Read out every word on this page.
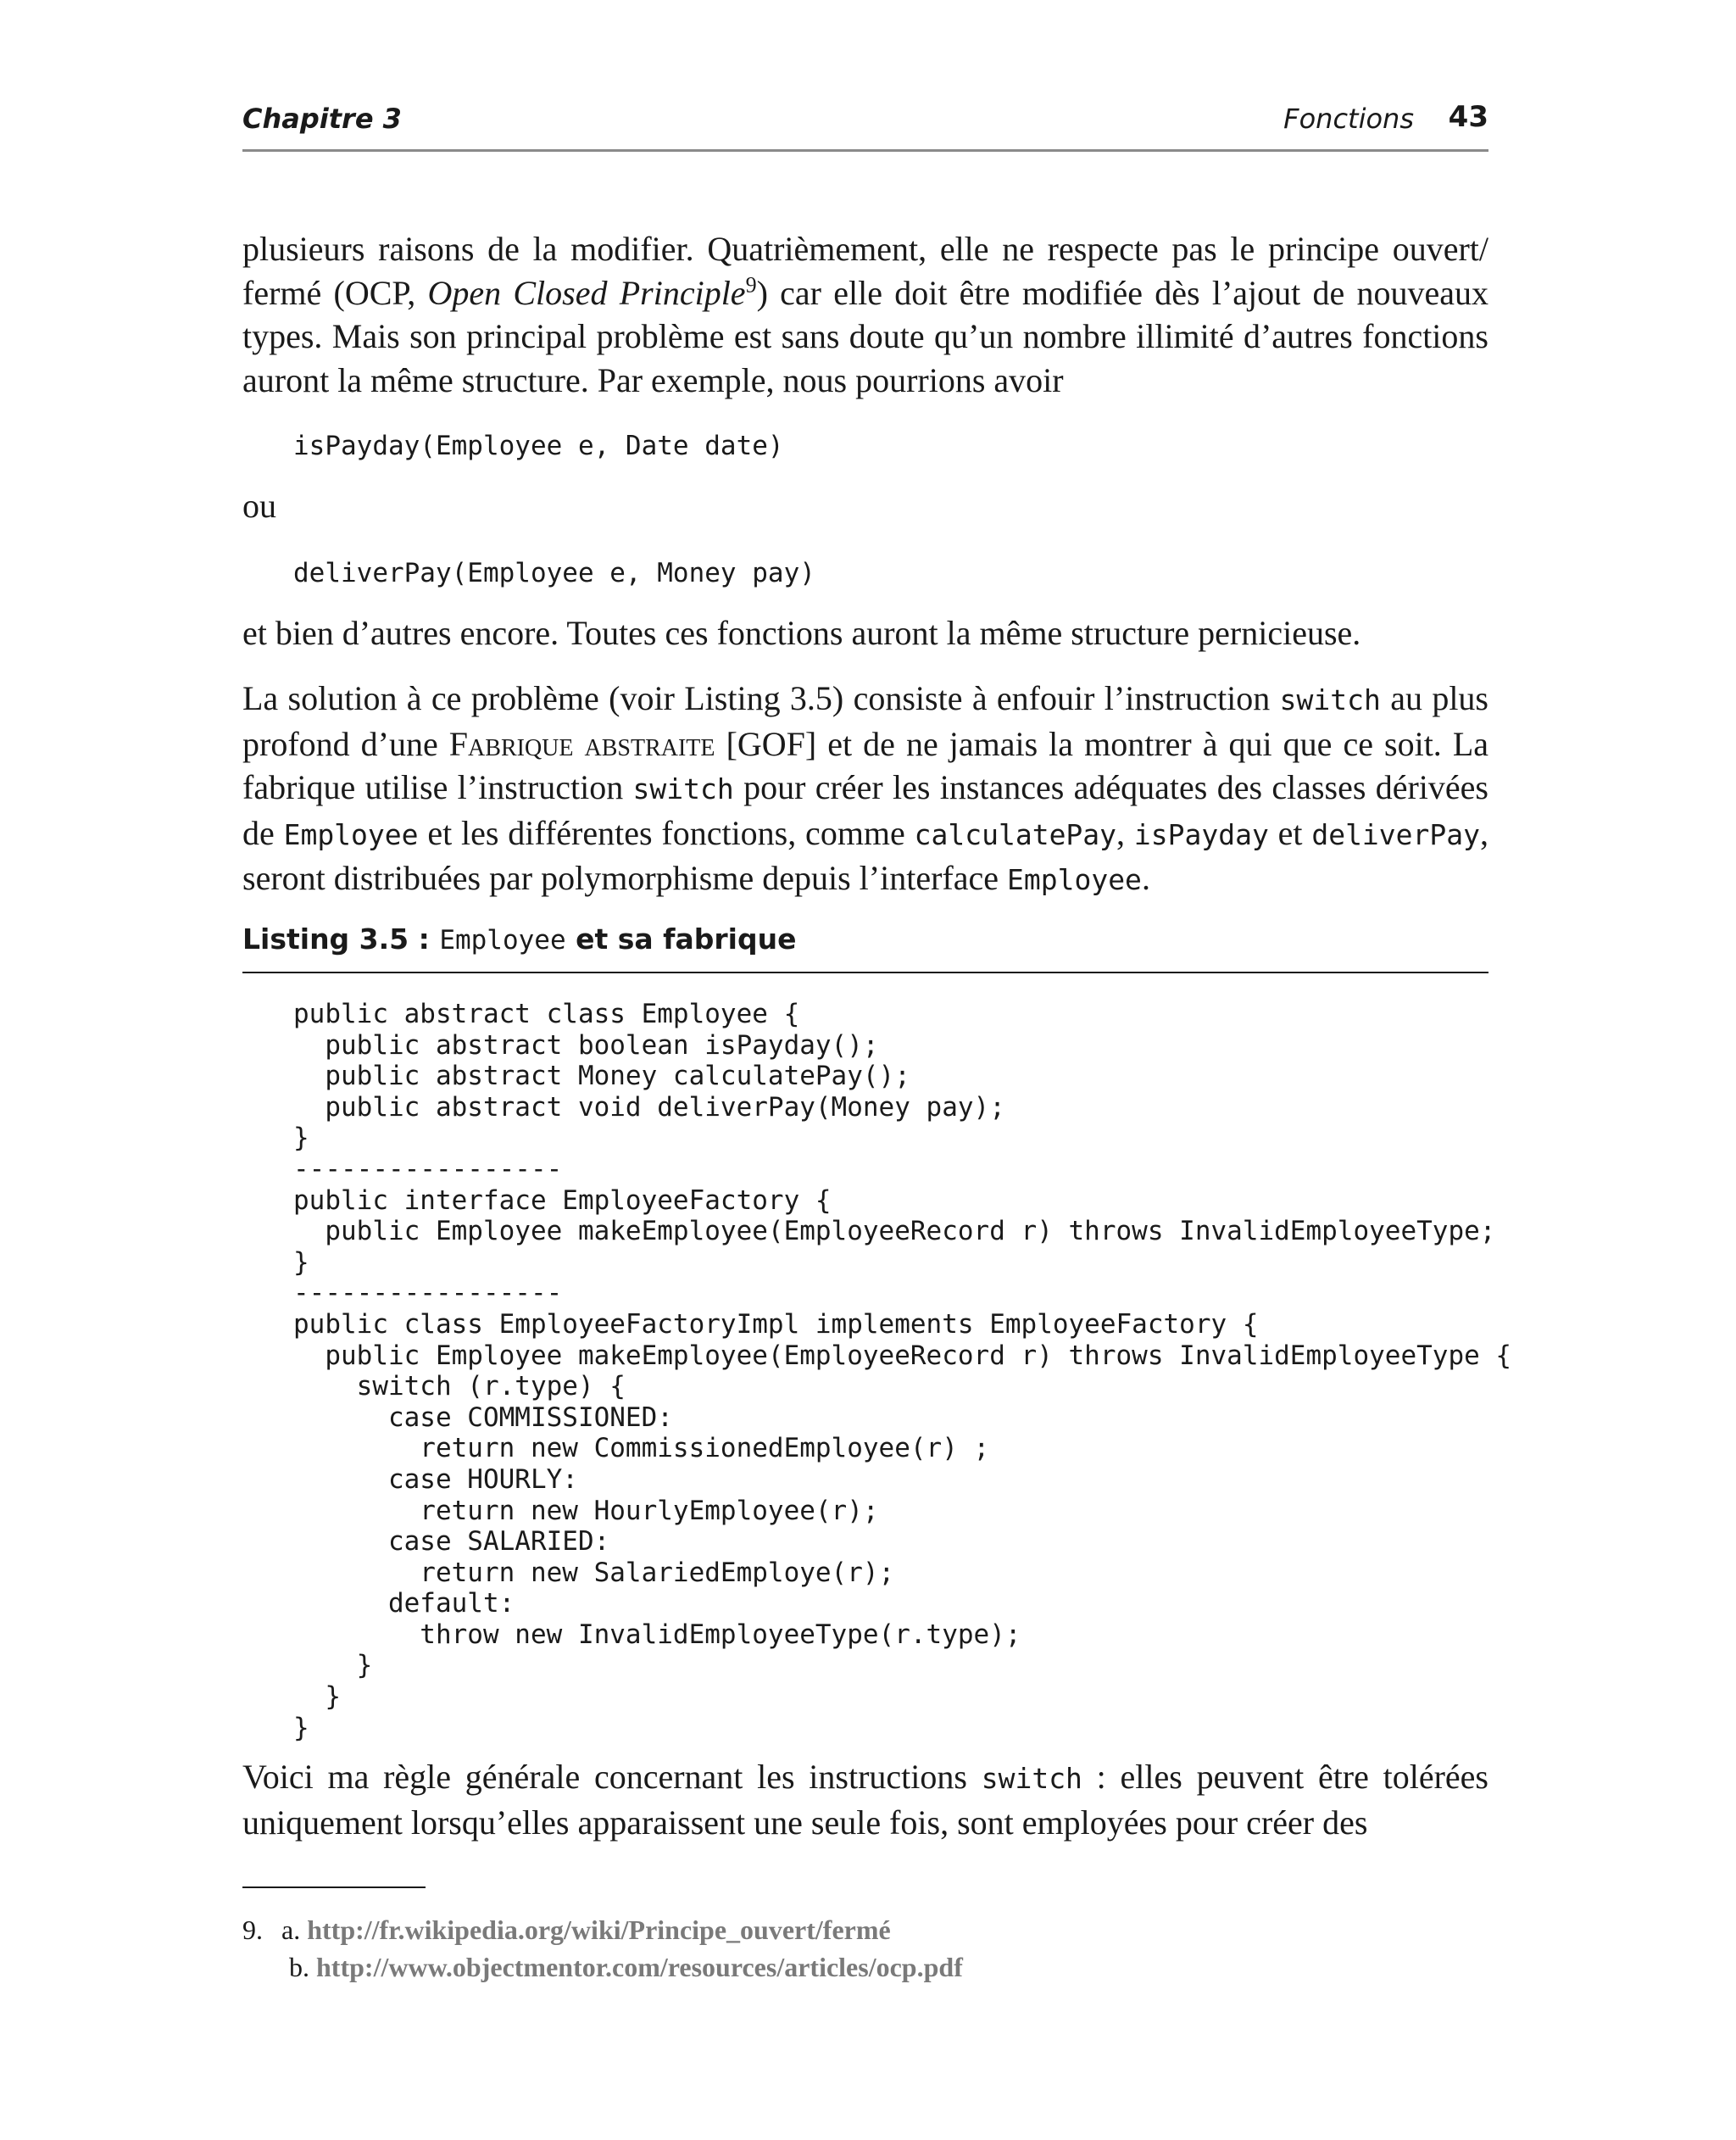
Chapitre 3	Fonctions 43

plusieurs raisons de la modifier. Quatrièmement, elle ne respecte pas le principe ouvert/ fermé (OCP, Open Closed Principle$^9$) car elle doit être modifiée dès l’ajout de nouveaux types. Mais son principal problème est sans doute qu’un nombre illimité d’autres fonctions auront la même structure. Par exemple, nous pourrions avoir

isPayday(Employee e, Date date)
ou
deliverPay(Employee e, Money pay)

et bien d’autres encore. Toutes ces fonctions auront la même structure pernicieuse.

La solution à ce problème (voir Listing 3.5) consiste à enfouir l’instruction switch au plus profond d’une Fabrique abstraite [GOF] et de ne jamais la montrer à qui que ce soit. La fabrique utilise l’instruction switch pour créer les instances adéquates des classes dérivées de Employee et les différentes fonctions, comme calculatePay, isPayday et deliverPay, seront distribuées par polymorphisme depuis l’interface Employee.

Listing 3.5 : Employee et sa fabrique
public abstract class Employee {
public abstract boolean isPayday();
public abstract Money calculatePay();
public abstract void deliverPay(Money pay);
}
-----------------
public interface EmployeeFactory {
public Employee makeEmployee(EmployeeRecord r) throws InvalidEmployeeType;
}
-----------------
public class EmployeeFactoryImpl implements EmployeeFactory {
public Employee makeEmployee(EmployeeRecord r) throws InvalidEmployeeType {
switch (r.type) {
case COMMISSIONED:
return new CommissionedEmployee(r) ;
case HOURLY:
return new HourlyEmployee(r);
case SALARIED:
return new SalariedEmploye(r);
default:
throw new InvalidEmployeeType(r.type);
}
}
}

Voici ma règle générale concernant les instructions switch : elles peuvent être tolérées uniquement lorsqu’elles apparaissent une seule fois, sont employées pour créer des

9. a. http://fr.wikipedia.org/wiki/Principe_ouvert/fermé
b. http://www.objectmentor.com/resources/articles/ocp.pdf
